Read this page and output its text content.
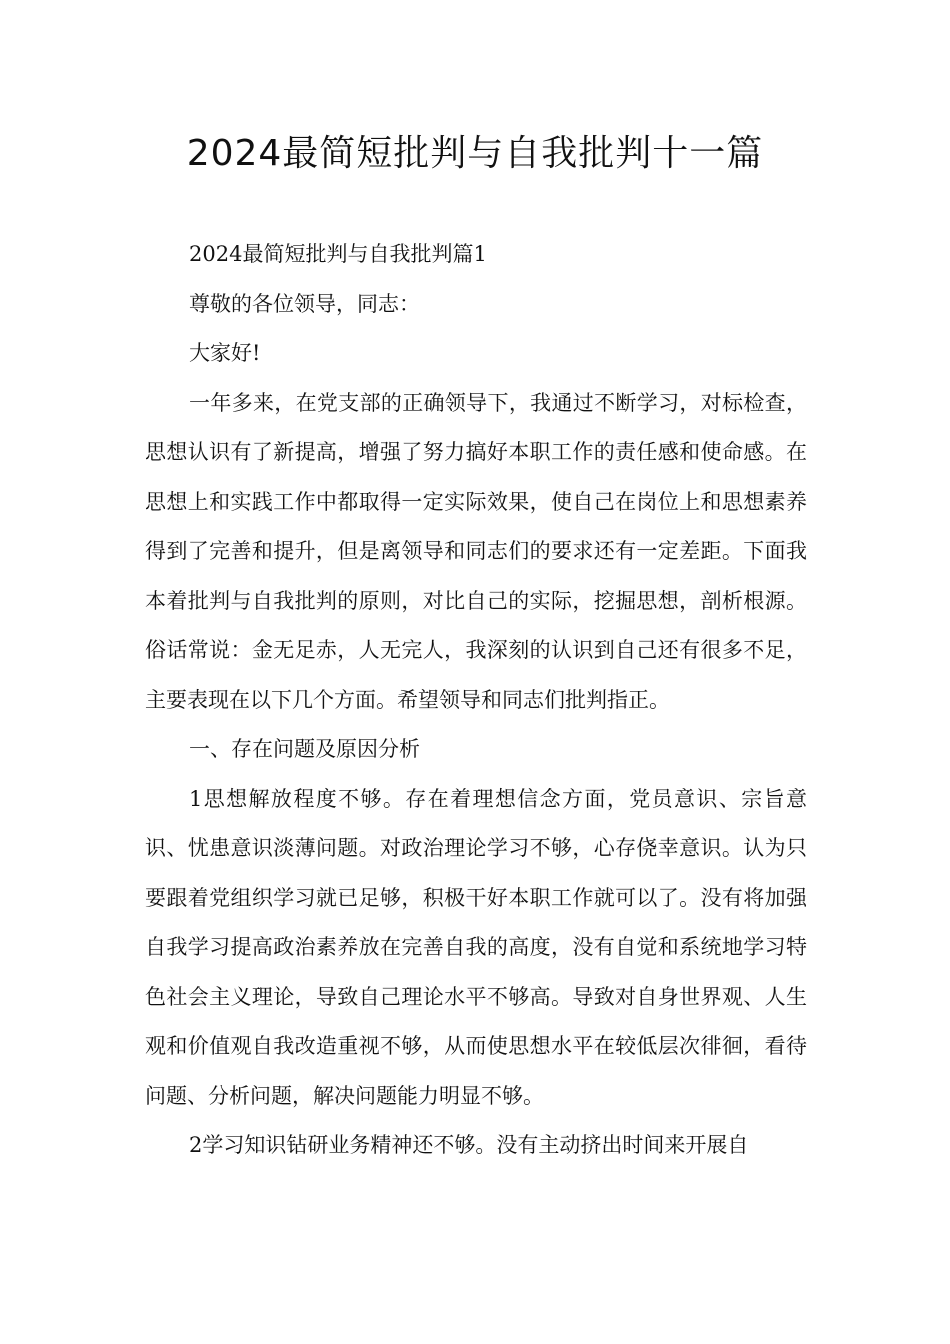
2024最简短批判与自我批判十一篇

2024最简短批判与自我批判篇1

尊敬的各位领导，同志：

大家好!

一年多来，在党支部的正确领导下，我通过不断学习，对标检查，思想认识有了新提高，增强了努力搞好本职工作的责任感和使命感。在思想上和实践工作中都取得一定实际效果，使自己在岗位上和思想素养得到了完善和提升，但是离领导和同志们的要求还有一定差距。下面我本着批判与自我批判的原则，对比自己的实际，挖掘思想，剖析根源。俗话常说：金无足赤，人无完人，我深刻的认识到自己还有很多不足，主要表现在以下几个方面。希望领导和同志们批判指正。

一、存在问题及原因分析

1思想解放程度不够。存在着理想信念方面，党员意识、宗旨意识、忧患意识淡薄问题。对政治理论学习不够，心存侥幸意识。认为只要跟着党组织学习就已足够，积极干好本职工作就可以了。没有将加强自我学习提高政治素养放在完善自我的高度，没有自觉和系统地学习特色社会主义理论，导致自己理论水平不够高。导致对自身世界观、人生观和价值观自我改造重视不够，从而使思想水平在较低层次徘徊，看待问题、分析问题，解决问题能力明显不够。

2学习知识钻研业务精神还不够。没有主动挤出时间来开展自
